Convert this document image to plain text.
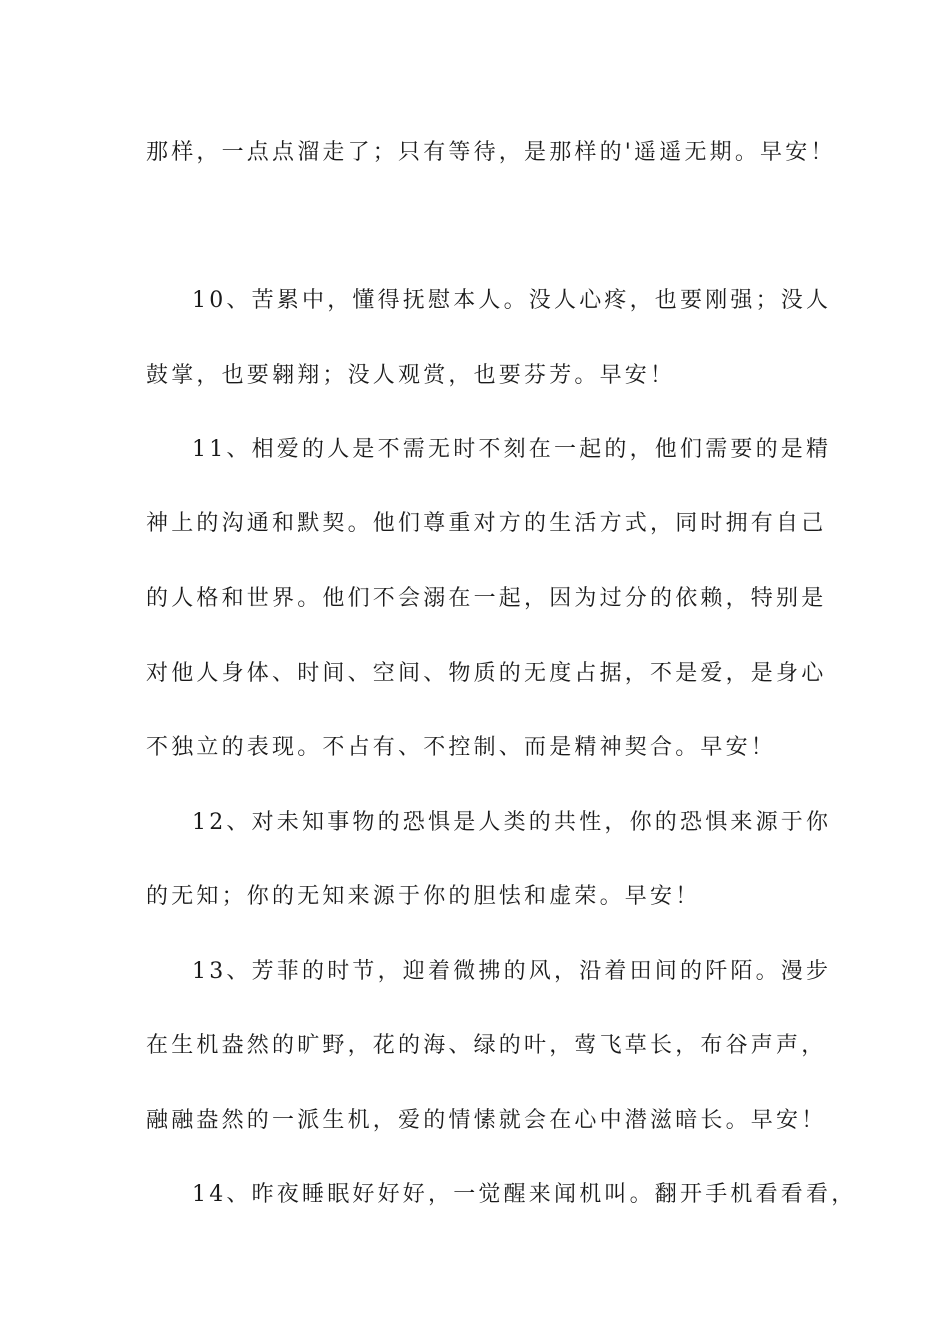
那样，一点点溜走了；只有等待，是那样的'遥遥无期。早安！
10、苦累中，懂得抚慰本人。没人心疼，也要刚强；没人
鼓掌，也要翱翔；没人观赏，也要芬芳。早安！
11、相爱的人是不需无时不刻在一起的，他们需要的是精
神上的沟通和默契。他们尊重对方的生活方式，同时拥有自己
的人格和世界。他们不会溺在一起，因为过分的依赖，特别是
对他人身体、时间、空间、物质的无度占据，不是爱，是身心
不独立的表现。不占有、不控制、而是精神契合。早安！
12、对未知事物的恐惧是人类的共性，你的恐惧来源于你
的无知；你的无知来源于你的胆怯和虚荣。早安！
13、芳菲的时节，迎着微拂的风，沿着田间的阡陌。漫步
在生机盎然的旷野，花的海、绿的叶，莺飞草长，布谷声声，
融融盎然的一派生机，爱的情愫就会在心中潜滋暗长。早安！
14、昨夜睡眠好好好，一觉醒来闻机叫。翻开手机看看看，
